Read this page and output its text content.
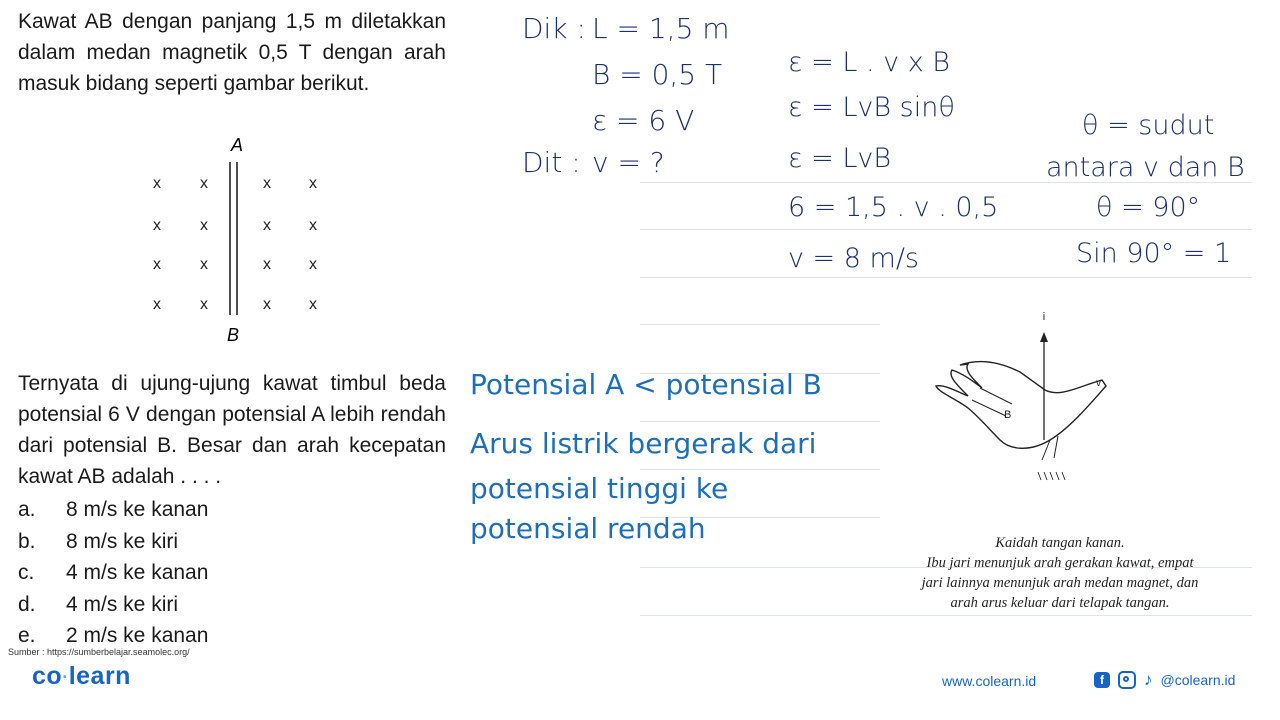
Kawat AB dengan panjang 1,5 m diletakkan dalam medan magnetik 0,5 T dengan arah masuk bidang seperti gambar berikut.
A
B
x x	x x
x x	x x
x x	x x
x x	x x
Ternyata di ujung-ujung kawat timbul beda potensial 6 V dengan potensial A lebih rendah dari potensial B. Besar dan arah kecepatan kawat AB adalah . . . .
a.	8 m/s ke kanan
b.	8 m/s ke kiri
c.	4 m/s ke kanan
d.	4 m/s ke kiri
e.	2 m/s ke kanan
Sumber : https://sumberbelajar.seamolec.org/
Dik : L = 1,5 m
B = 0,5 T
ε = 6 V
Dit : v = ?
ε = L . v x B
ε = LvB sinθ
ε = LvB
6 = 1,5 . v . 0,5
v = 8 m/s
θ = sudut
antara v dan B
θ = 90°
Sin 90° = 1
Potensial A < potensial B
Arus listrik bergerak dari
potensial tinggi ke
potensial rendah
i
B
v
Kaidah tangan kanan.
Ibu jari menunjuk arah gerakan kawat, empat
jari lainnya menunjuk arah medan magnet, dan
arah arus keluar dari telapak tangan.
co·learn	www.colearn.id	f	♪ @colearn.id
